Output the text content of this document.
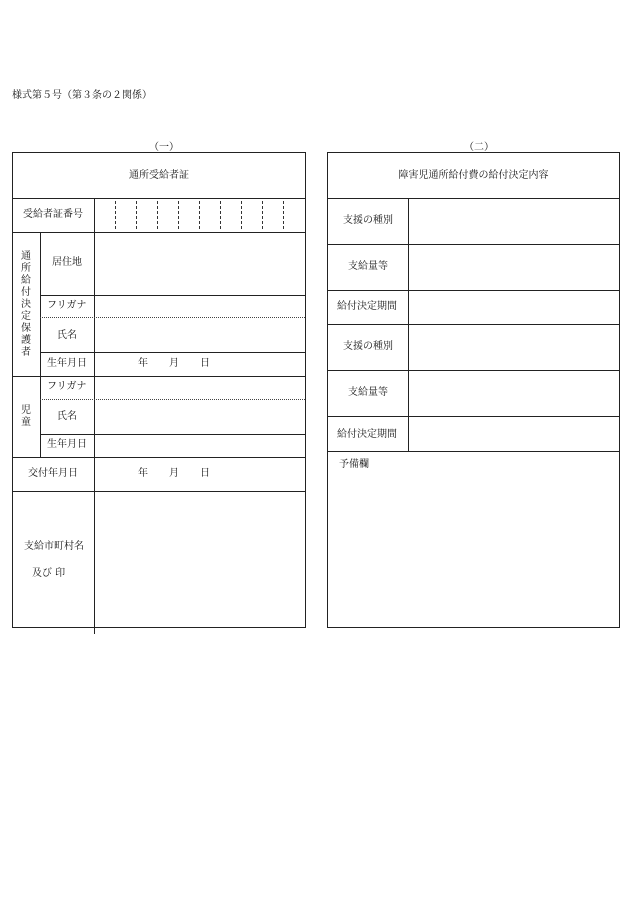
様式第５号（第３条の２関係）
（一）	（二）
通所受給者証
受給者証番号
通所給付決定保護者
居住地
フリガナ
氏名
生年月日	年 月 日
児童
フリガナ
氏名
生年月日
交付年月日	年 月 日
支給市町村名
及び 印
障害児通所給付費の給付決定内容
支援の種別
支給量等
給付決定期間
支援の種別
支給量等
給付決定期間
予備欄
